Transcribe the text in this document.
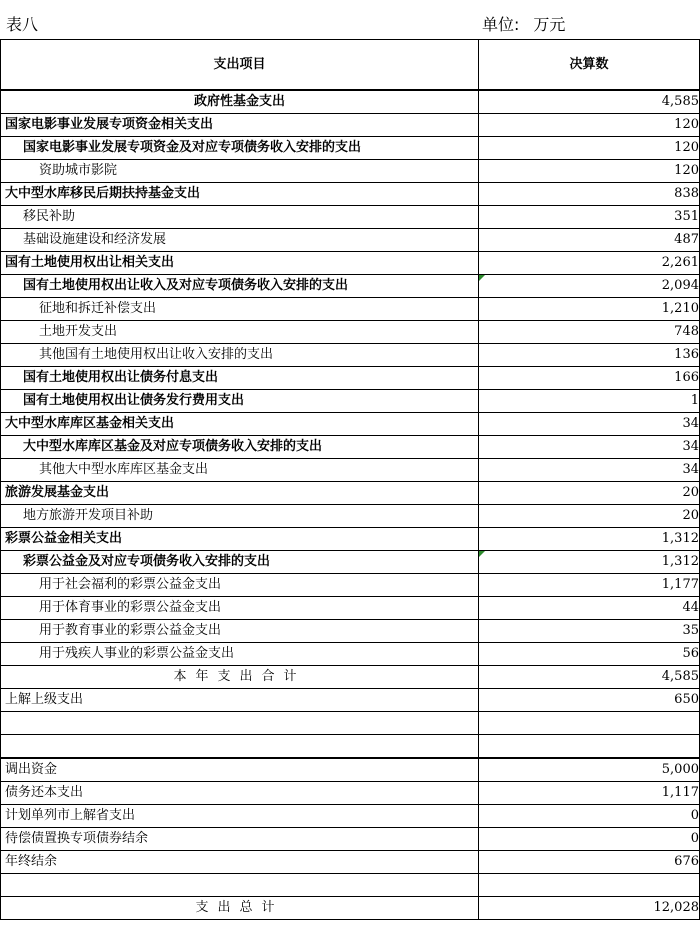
表八	单位: 万元
支出项目	决算数
政府性基金支出	4,585
国家电影事业发展专项资金相关支出	120
国家电影事业发展专项资金及对应专项债务收入安排的支出	120
资助城市影院	120
大中型水库移民后期扶持基金支出	838
移民补助	351
基础设施建设和经济发展	487
国有土地使用权出让相关支出	2,261
国有土地使用权出让收入及对应专项债务收入安排的支出	2,094
征地和拆迁补偿支出	1,210
土地开发支出	748
其他国有土地使用权出让收入安排的支出	136
国有土地使用权出让债务付息支出	166
国有土地使用权出让债务发行费用支出	1
大中型水库库区基金相关支出	34
大中型水库库区基金及对应专项债务收入安排的支出	34
其他大中型水库库区基金支出	34
旅游发展基金支出	20
地方旅游开发项目补助	20
彩票公益金相关支出	1,312
彩票公益金及对应专项债务收入安排的支出	1,312
用于社会福利的彩票公益金支出	1,177
用于体育事业的彩票公益金支出	44
用于教育事业的彩票公益金支出	35
用于残疾人事业的彩票公益金支出	56
本年支出合计	4,585
上解上级支出	650

调出资金	5,000
债务还本支出	1,117
计划单列市上解省支出	0
待偿债置换专项债券结余	0
年终结余	676

支出总计	12,028
